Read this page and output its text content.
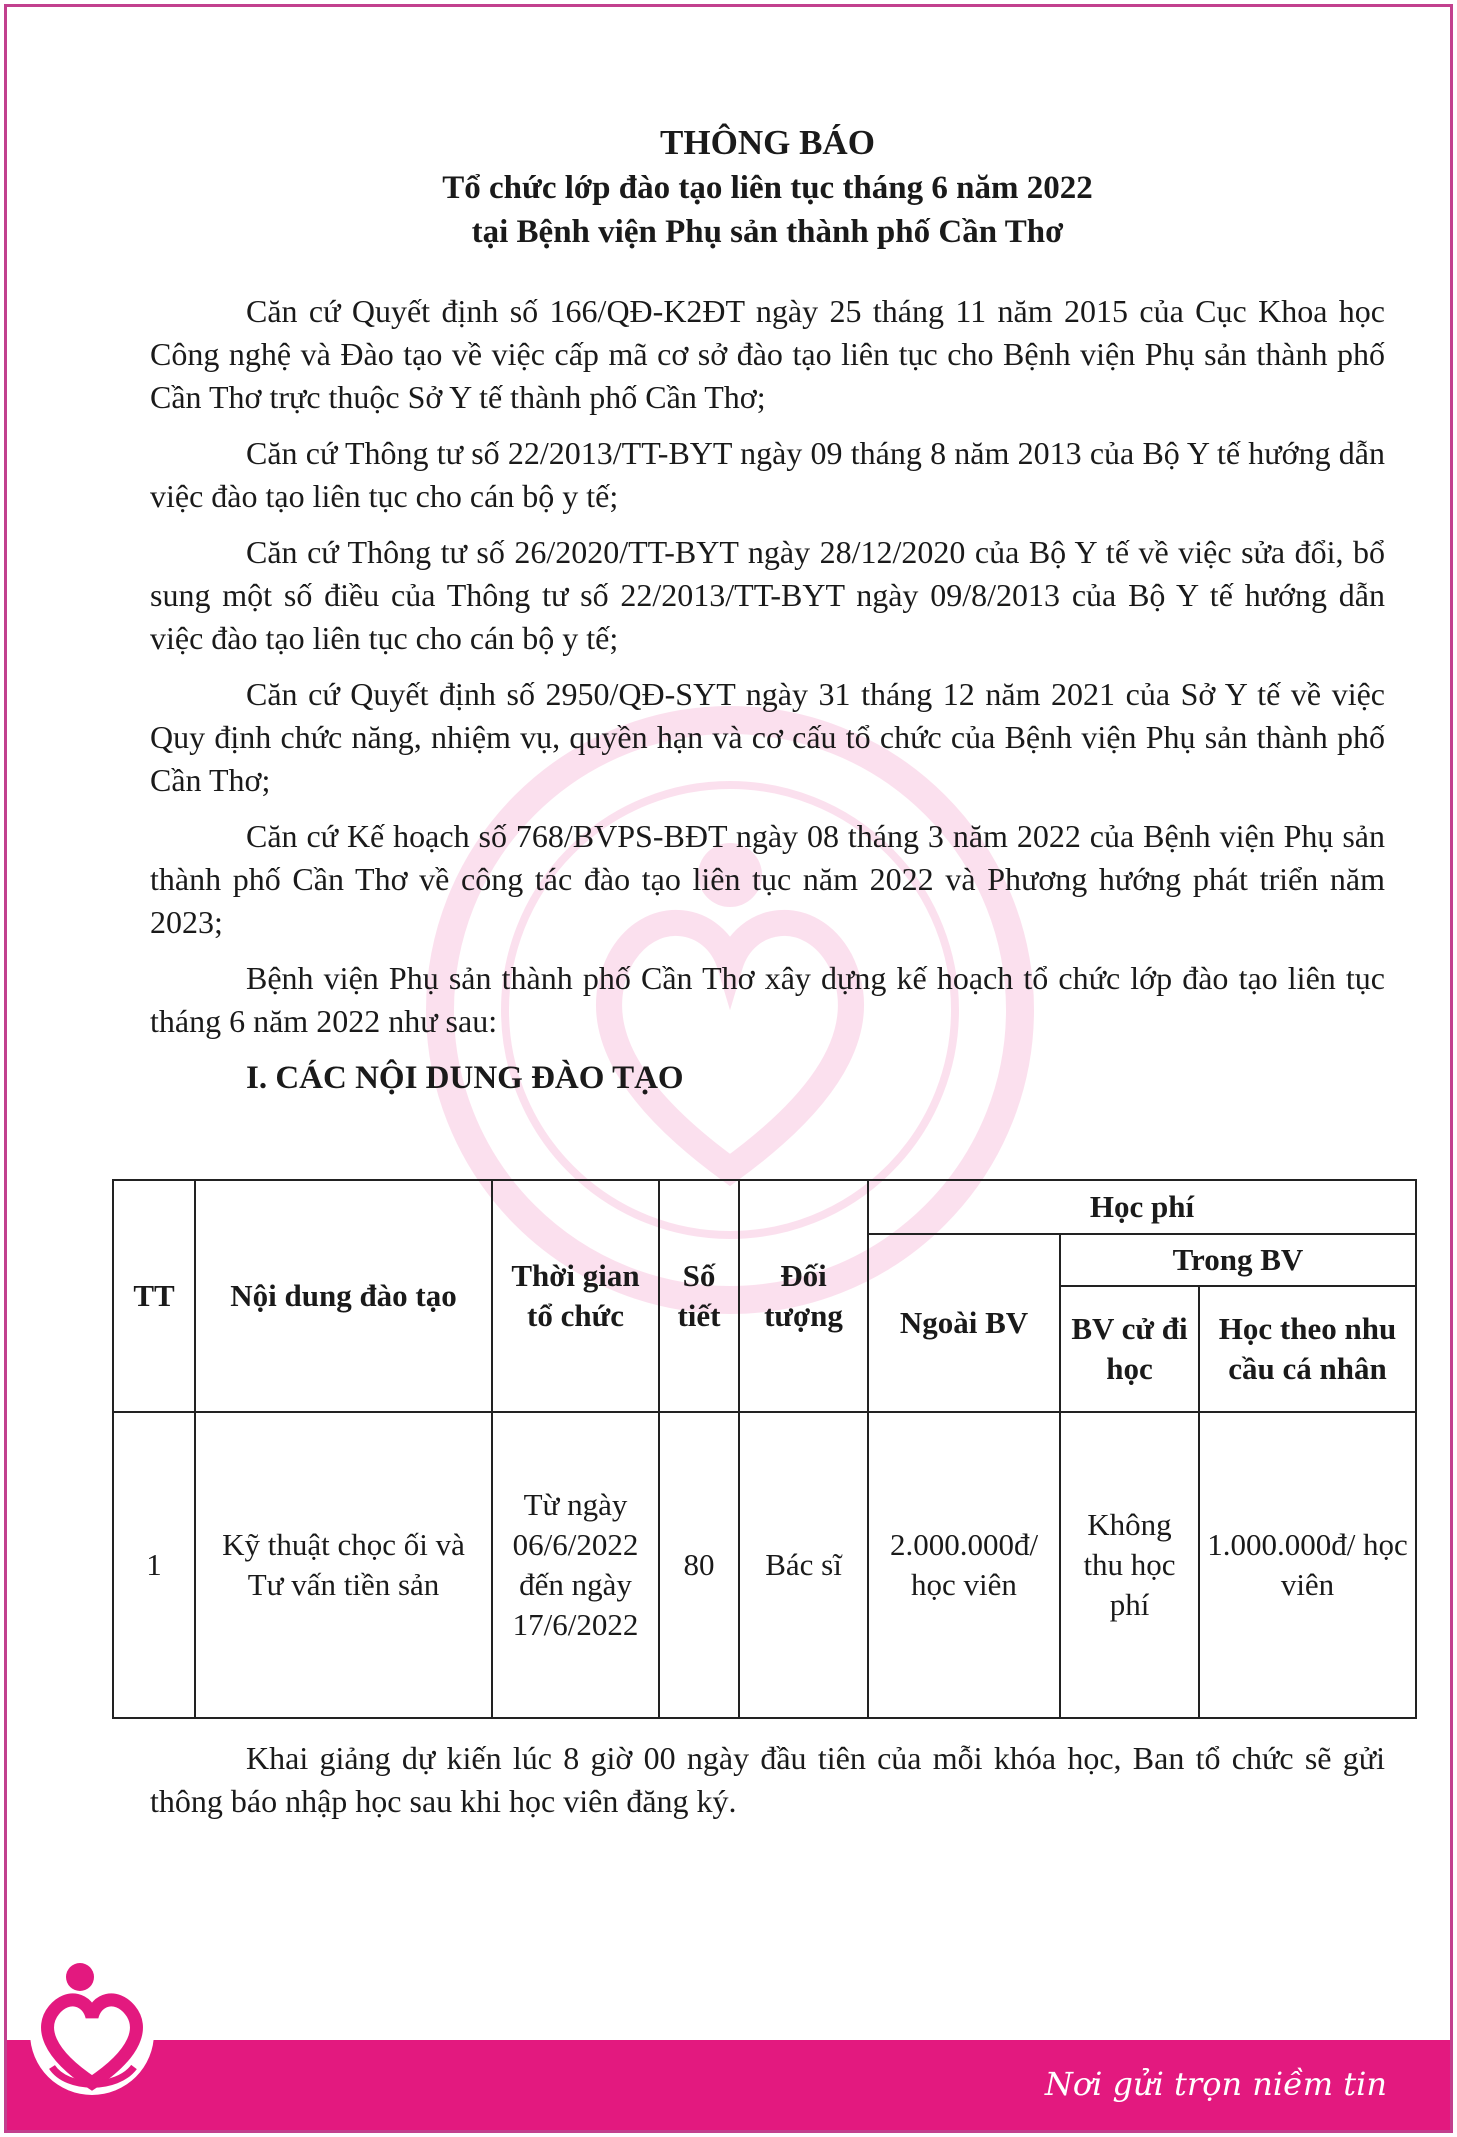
THÔNG BÁO
Tổ chức lớp đào tạo liên tục tháng 6 năm 2022
tại Bệnh viện Phụ sản thành phố Cần Thơ

Căn cứ Quyết định số 166/QĐ-K2ĐT ngày 25 tháng 11 năm 2015 của Cục Khoa học Công nghệ và Đào tạo về việc cấp mã cơ sở đào tạo liên tục cho Bệnh viện Phụ sản thành phố Cần Thơ trực thuộc Sở Y tế thành phố Cần Thơ;

Căn cứ Thông tư số 22/2013/TT-BYT ngày 09 tháng 8 năm 2013 của Bộ Y tế hướng dẫn việc đào tạo liên tục cho cán bộ y tế;

Căn cứ Thông tư số 26/2020/TT-BYT ngày 28/12/2020 của Bộ Y tế về việc sửa đổi, bổ sung một số điều của Thông tư số 22/2013/TT-BYT ngày 09/8/2013 của Bộ Y tế hướng dẫn việc đào tạo liên tục cho cán bộ y tế;

Căn cứ Quyết định số 2950/QĐ-SYT ngày 31 tháng 12 năm 2021 của Sở Y tế về việc Quy định chức năng, nhiệm vụ, quyền hạn và cơ cấu tổ chức của Bệnh viện Phụ sản thành phố Cần Thơ;

Căn cứ Kế hoạch số 768/BVPS-BĐT ngày 08 tháng 3 năm 2022 của Bệnh viện Phụ sản thành phố Cần Thơ về công tác đào tạo liên tục năm 2022 và Phương hướng phát triển năm 2023;

Bệnh viện Phụ sản thành phố Cần Thơ xây dựng kế hoạch tổ chức lớp đào tạo liên tục tháng 6 năm 2022 như sau:

I. CÁC NỘI DUNG ĐÀO TẠO
TT	Nội dung đào tạo	Thời gian tổ chức	Số tiết	Đối tượng	Học phí		
					Ngoài BV	Trong BV	
						BV cử đi học	Học theo nhu cầu cá nhân
1	Kỹ thuật chọc ối và Tư vấn tiền sản	Từ ngày 06/6/2022 đến ngày 17/6/2022	80	Bác sĩ	2.000.000đ/ học viên	Không thu học phí	1.000.000đ/ học viên

Khai giảng dự kiến lúc 8 giờ 00 ngày đầu tiên của mỗi khóa học, Ban tổ chức sẽ gửi thông báo nhập học sau khi học viên đăng ký.

Nơi gửi trọn niềm tin
